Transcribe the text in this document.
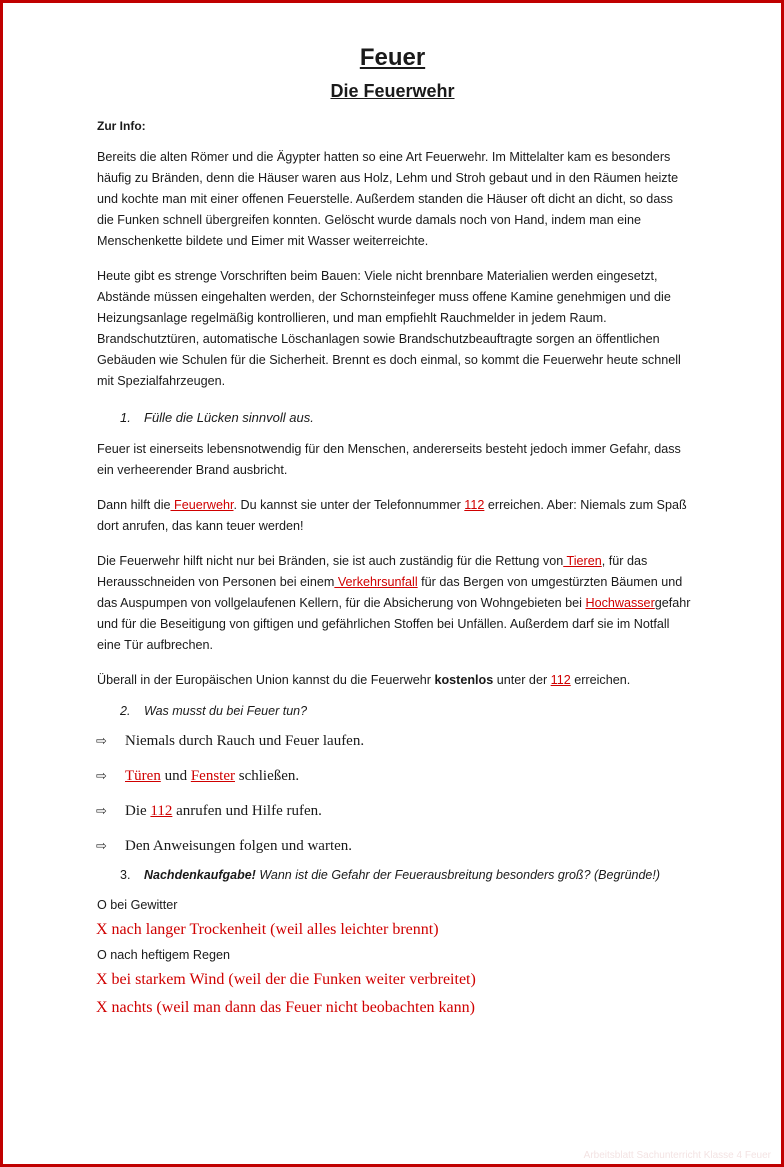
Feuer
Die Feuerwehr
Zur Info:
Bereits die alten Römer und die Ägypter hatten so eine Art Feuerwehr. Im Mittelalter kam es besonders häufig zu Bränden, denn die Häuser waren aus Holz, Lehm und Stroh gebaut und in den Räumen heizte und kochte man mit einer offenen Feuerstelle. Außerdem standen die Häuser oft dicht an dicht, so dass die Funken schnell übergreifen konnten. Gelöscht wurde damals noch von Hand, indem man eine Menschenkette bildete und Eimer mit Wasser weiterreichte.
Heute gibt es strenge Vorschriften beim Bauen: Viele nicht brennbare Materialien werden eingesetzt, Abstände müssen eingehalten werden, der Schornsteinfeger muss offene Kamine genehmigen und die Heizungsanlage regelmäßig kontrollieren, und man empfiehlt Rauchmelder in jedem Raum. Brandschutztüren, automatische Löschanlagen sowie Brandschutzbeauftragte sorgen an öffentlichen Gebäuden wie Schulen für die Sicherheit. Brennt es doch einmal, so kommt die Feuerwehr heute schnell mit Spezialfahrzeugen.
1. Fülle die Lücken sinnvoll aus.
Feuer ist einerseits lebensnotwendig für den Menschen, andererseits besteht jedoch immer Gefahr, dass ein verheerender Brand ausbricht.
Dann hilft die Feuerwehr. Du kannst sie unter der Telefonnummer 112 erreichen. Aber: Niemals zum Spaß dort anrufen, das kann teuer werden!
Die Feuerwehr hilft nicht nur bei Bränden, sie ist auch zuständig für die Rettung von Tieren, für das Herausschneiden von Personen bei einem Verkehrsunfall für das Bergen von umgestürzten Bäumen und das Auspumpen von vollgelaufenen Kellern, für die Absicherung von Wohngebieten bei Hochwassergefahr und für die Beseitigung von giftigen und gefährlichen Stoffen bei Unfällen. Außerdem darf sie im Notfall eine Tür aufbrechen.
Überall in der Europäischen Union kannst du die Feuerwehr kostenlos unter der 112 erreichen.
2. Was musst du bei Feuer tun?
⇨ Niemals durch Rauch und Feuer laufen.
⇨ Türen und Fenster schließen.
⇨ Die 112 anrufen und Hilfe rufen.
⇨ Den Anweisungen folgen und warten.
3. Nachdenkaufgabe! Wann ist die Gefahr der Feuerausbreitung besonders groß? (Begründe!)
O bei Gewitter
X nach langer Trockenheit (weil alles leichter brennt)
O nach heftigem Regen
X bei starkem Wind (weil der die Funken weiter verbreitet)
X nachts (weil man dann das Feuer nicht beobachten kann)
Arbeitsblatt Sachunterricht Klasse 4 Feuer
